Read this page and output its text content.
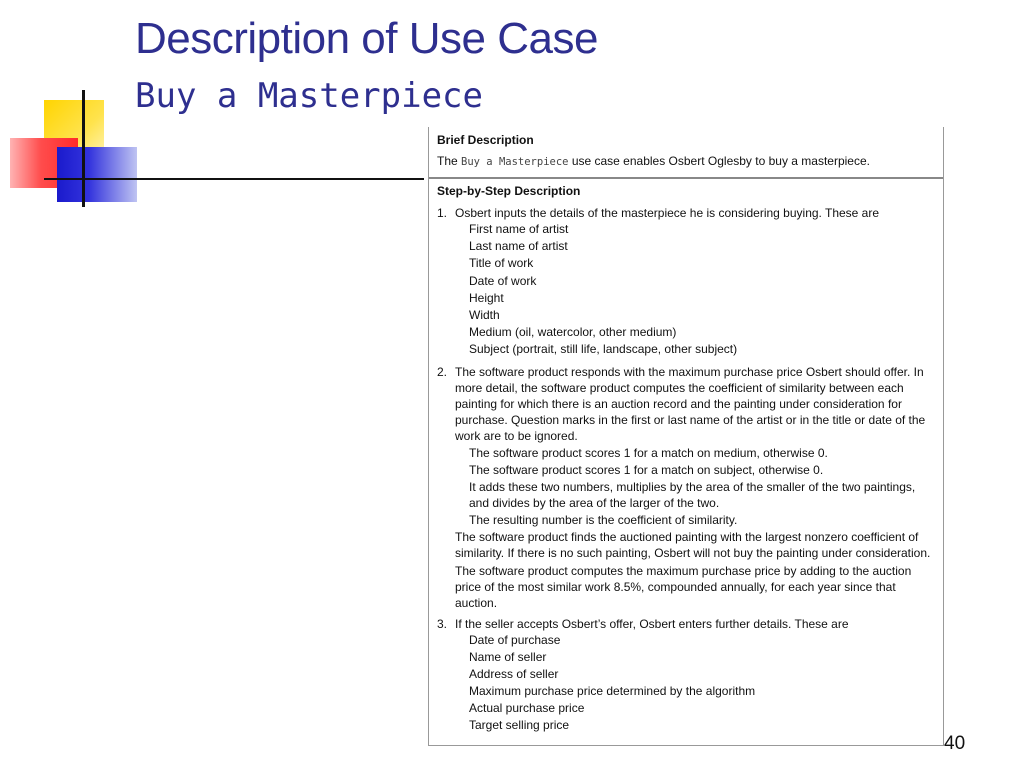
Description of Use Case
Buy a Masterpiece
Brief Description
The Buy a Masterpiece use case enables Osbert Oglesby to buy a masterpiece.
Step-by-Step Description
1. Osbert inputs the details of the masterpiece he is considering buying. These are
First name of artist
Last name of artist
Title of work
Date of work
Height
Width
Medium (oil, watercolor, other medium)
Subject (portrait, still life, landscape, other subject)
2. The software product responds with the maximum purchase price Osbert should offer. In more detail, the software product computes the coefficient of similarity between each painting for which there is an auction record and the painting under consideration for purchase. Question marks in the first or last name of the artist or in the title or date of the work are to be ignored.
The software product scores 1 for a match on medium, otherwise 0.
The software product scores 1 for a match on subject, otherwise 0.
It adds these two numbers, multiplies by the area of the smaller of the two paintings, and divides by the area of the larger of the two.
The resulting number is the coefficient of similarity.
The software product finds the auctioned painting with the largest nonzero coefficient of similarity. If there is no such painting, Osbert will not buy the painting under consideration.
The software product computes the maximum purchase price by adding to the auction price of the most similar work 8.5%, compounded annually, for each year since that auction.
3. If the seller accepts Osbert’s offer, Osbert enters further details. These are
Date of purchase
Name of seller
Address of seller
Maximum purchase price determined by the algorithm
Actual purchase price
Target selling price
40
